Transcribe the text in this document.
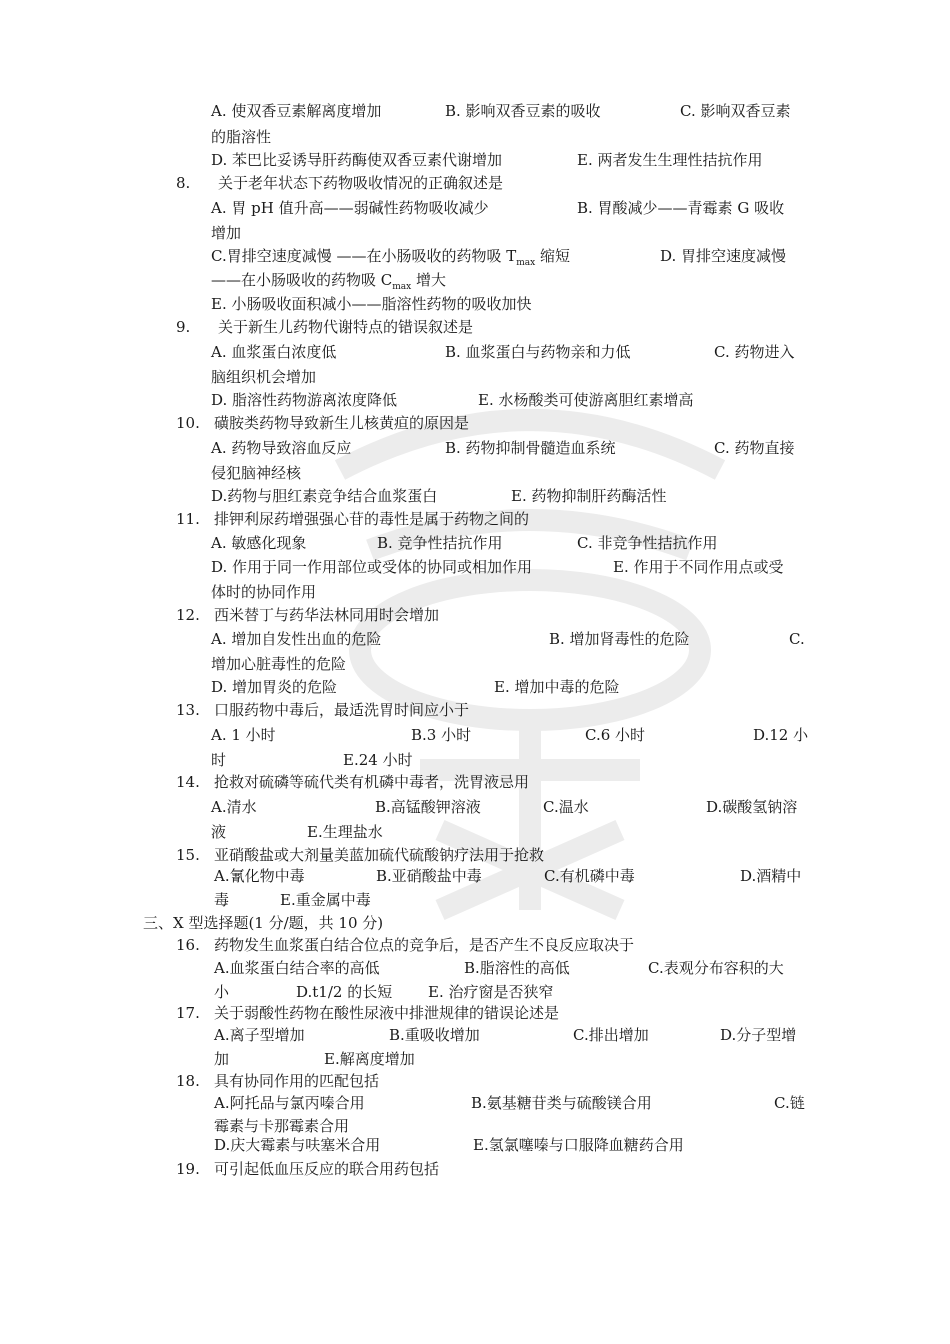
A. 使双香豆素解离度增加	B. 影响双香豆素的吸收	C. 影响双香豆素
的脂溶性
D. 苯巴比妥诱导肝药酶使双香豆素代谢增加	E. 两者发生生理性拮抗作用
8. 关于老年状态下药物吸收情况的正确叙述是
A. 胃 pH 值升高——弱碱性药物吸收减少	B. 胃酸减少——青霉素 G 吸收
增加
C.胃排空速度减慢 ——在小肠吸收的药物吸 $T_{max}$ 缩短	D. 胃排空速度减慢
——在小肠吸收的药物吸 $C_{max}$ 增大
E. 小肠吸收面积减小——脂溶性药物的吸收加快
9. 关于新生儿药物代谢特点的错误叙述是
A. 血浆蛋白浓度低	B. 血浆蛋白与药物亲和力低	C. 药物进入
脑组织机会增加
D. 脂溶性药物游离浓度降低	E. 水杨酸类可使游离胆红素增高
10. 磺胺类药物导致新生儿核黄疸的原因是
A. 药物导致溶血反应	B. 药物抑制骨髓造血系统	C. 药物直接
侵犯脑神经核
D.药物与胆红素竞争结合血浆蛋白	E. 药物抑制肝药酶活性
11. 排钾利尿药增强强心苷的毒性是属于药物之间的
A. 敏感化现象	B. 竞争性拮抗作用	C. 非竞争性拮抗作用
D. 作用于同一作用部位或受体的协同或相加作用	E. 作用于不同作用点或受
体时的协同作用
12. 西米替丁与药华法林同用时会增加
A. 增加自发性出血的危险	B. 增加肾毒性的危险	C.
增加心脏毒性的危险
D. 增加胃炎的危险	E. 增加中毒的危险
13. 口服药物中毒后，最适洗胃时间应小于
A. 1 小时	B.3 小时	C.6 小时	D.12 小
时	E.24 小时
14. 抢救对硫磷等硫代类有机磷中毒者，洗胃液忌用
A.清水	B.高锰酸钾溶液	C.温水	D.碳酸氢钠溶
液	E.生理盐水
15. 亚硝酸盐或大剂量美蓝加硫代硫酸钠疗法用于抢救
A.氰化物中毒	B.亚硝酸盐中毒	C.有机磷中毒	D.酒精中
毒	E.重金属中毒
三、X 型选择题(1 分/题，共 10 分)
16. 药物发生血浆蛋白结合位点的竞争后，是否产生不良反应取决于
A.血浆蛋白结合率的高低	B.脂溶性的高低	C.表观分布容积的大
小	D.t1/2 的长短 E. 治疗窗是否狭窄
17. 关于弱酸性药物在酸性尿液中排泄规律的错误论述是
A.离子型增加	B.重吸收增加	C.排出增加	D.分子型增
加	E.解离度增加
18. 具有协同作用的匹配包括
A.阿托品与氯丙嗪合用	B.氨基糖苷类与硫酸镁合用	C.链
霉素与卡那霉素合用
D.庆大霉素与呋塞米合用	E.氢氯噻嗪与口服降血糖药合用
19. 可引起低血压反应的联合用药包括
